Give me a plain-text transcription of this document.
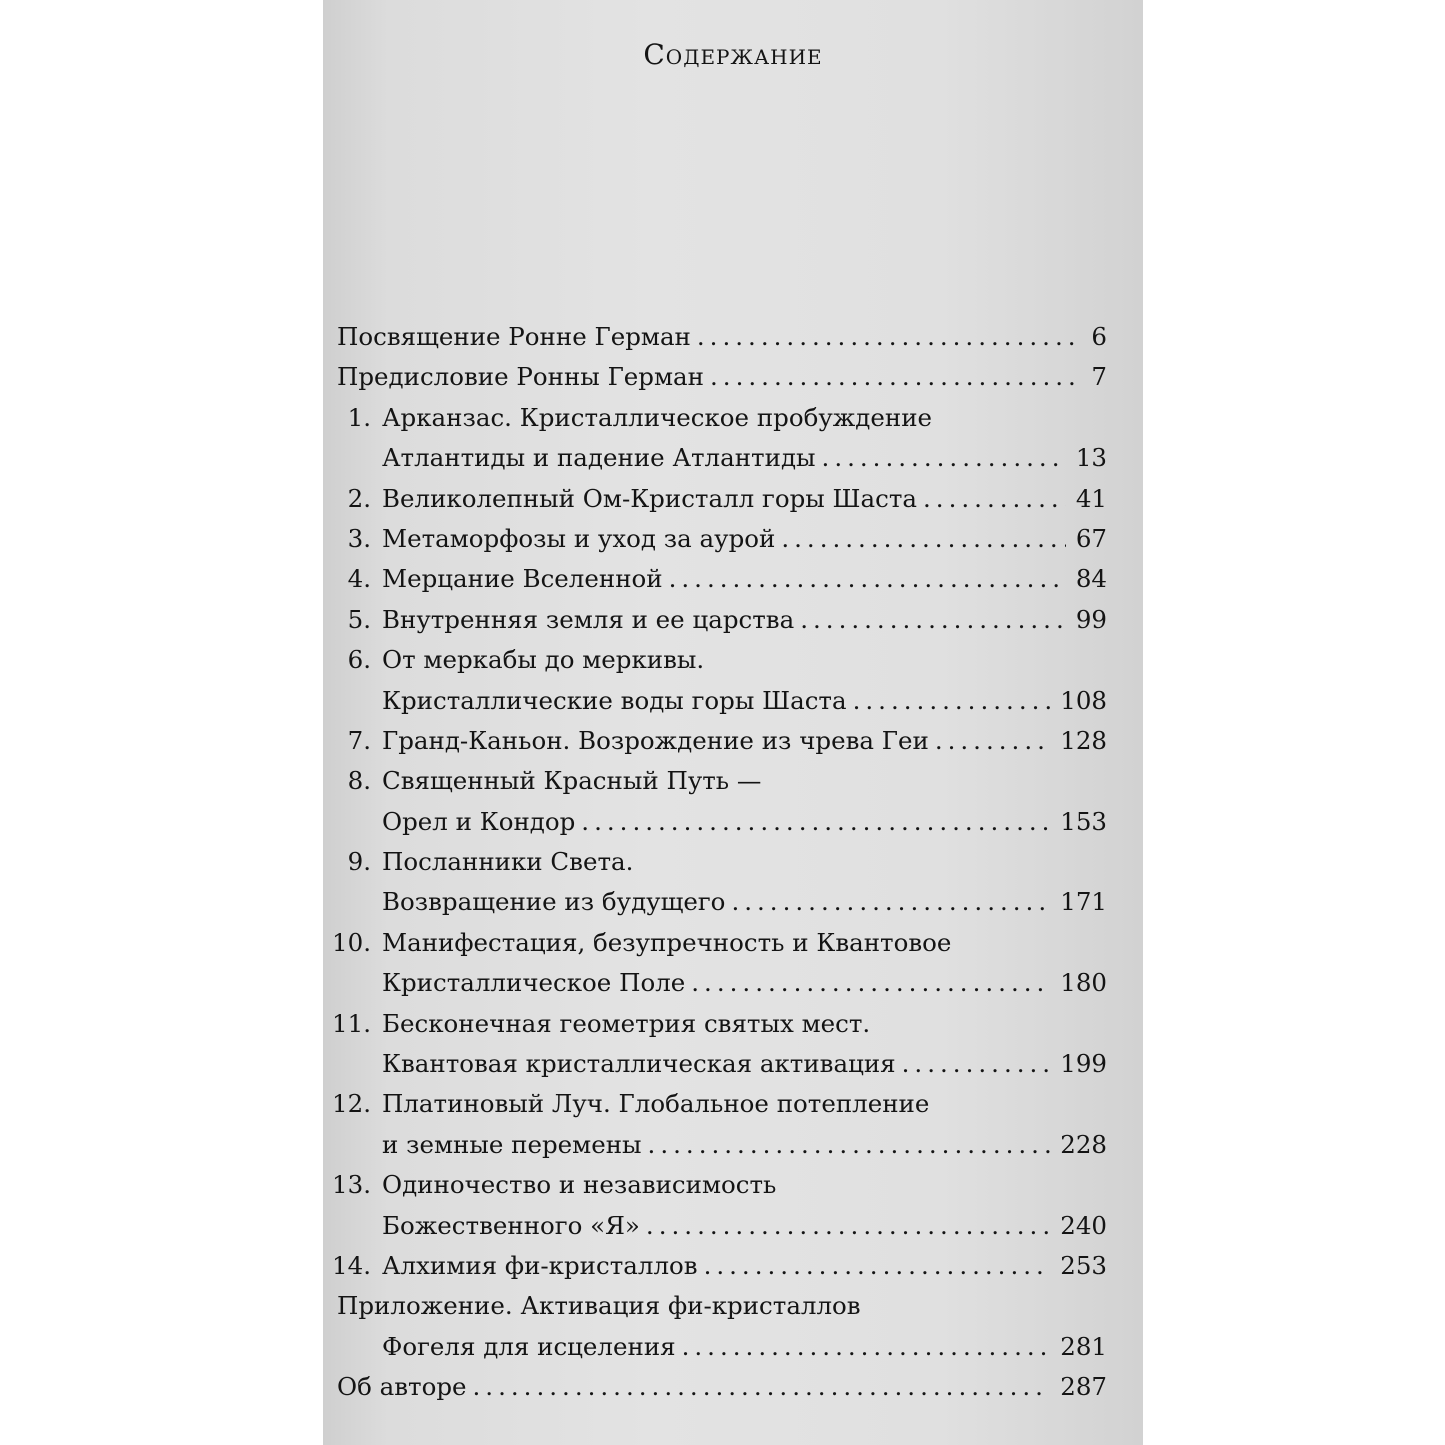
Содержание
Посвящение Ронне Герман	6
.....
Предисловие Ронны Герман	7
.....
1. Арканзас. Кристаллическое пробуждение
Атлантиды и падение Атлантиды	13
.....
2. Великолепный Ом-Кристалл горы Шаста	41
.....
3. Метаморфозы и уход за аурой	67
.....
4. Мерцание Вселенной	84
.....
5. Внутренняя земля и ее царства	99
.....
6. От меркабы до меркивы.
Кристаллические воды горы Шаста	108
.....
7. Гранд-Каньон. Возрождение из чрева Геи	128
.....
8. Священный Красный Путь —
Орел и Кондор	153
.....
9. Посланники Света.
Возвращение из будущего	171
.....
10. Манифестация, безупречность и Квантовое
Кристаллическое Поле	180
.....
11. Бесконечная геометрия святых мест.
Квантовая кристаллическая активация	199
.....
12. Платиновый Луч. Глобальное потепление
и земные перемены	228
.....
13. Одиночество и независимость
Божественного «Я»	240
.....
14. Алхимия фи-кристаллов	253
.....
Приложение. Активация фи-кристаллов
Фогеля для исцеления	281
.....
Об авторе	287
.....
